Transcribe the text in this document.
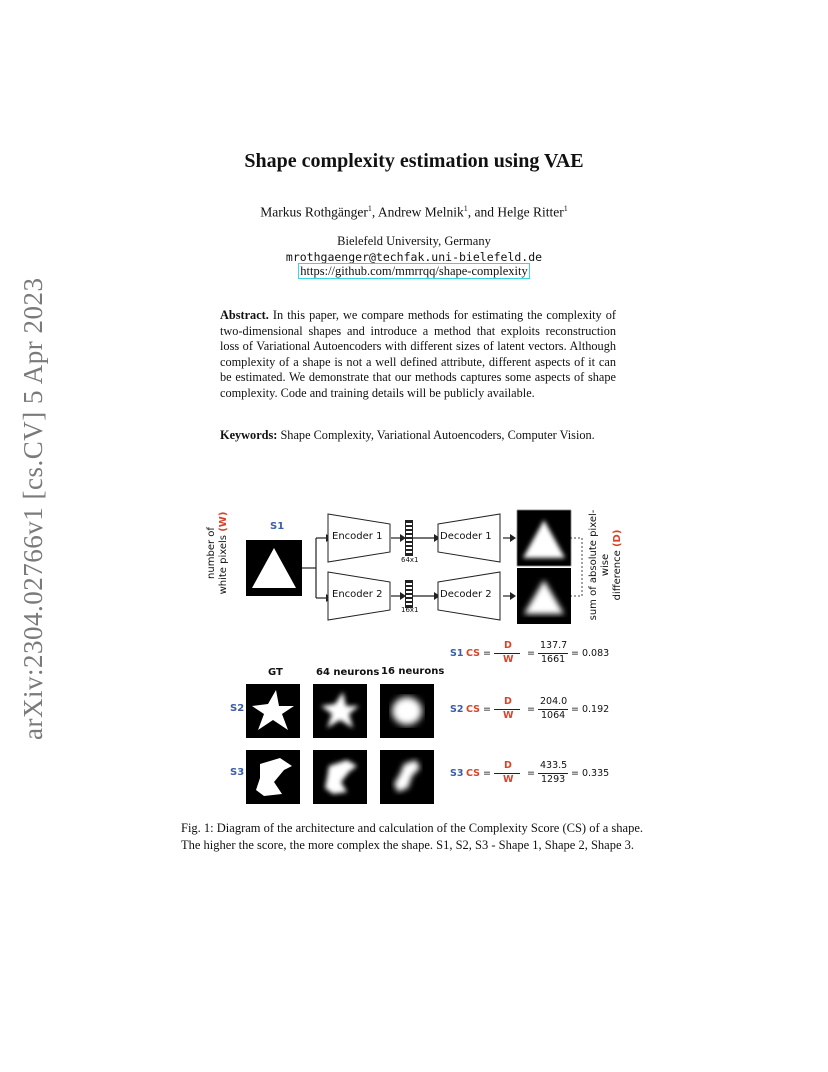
arXiv:2304.02766v1 [cs.CV] 5 Apr 2023
Shape complexity estimation using VAE
Markus Rothgänger$^1$, Andrew Melnik$^1$, and Helge Ritter$^1$
Bielefeld University, Germany
mrothgaenger@techfak.uni-bielefeld.de
https://github.com/mmrrqq/shape-complexity
Abstract. In this paper, we compare methods for estimating the complexity of two-dimensional shapes and introduce a method that exploits reconstruction loss of Variational Autoencoders with different sizes of latent vectors. Although complexity of a shape is not a well defined attribute, different aspects of it can be estimated. We demonstrate that our methods captures some aspects of shape complexity. Code and training details will be publicly available.
Keywords: Shape Complexity, Variational Autoencoders, Computer Vision.
number of white pixels (W)	S1
Encoder 1
Encoder 2
Decoder 1
Decoder 2
64x1
16x1	sum of absolute pixel-wise difference (D)
S1 CS =
D
W
=
137.7
1661
= 0.083
GT	64 neurons 16 neurons
S2	S2 CS =
D
W
=
204.0
1064
= 0.192
S3	S3 CS =
D
W
=
433.5
1293
= 0.335
Fig. 1: Diagram of the architecture and calculation of the Complexity Score (CS) of a shape. The higher the score, the more complex the shape. S1, S2, S3 - Shape 1, Shape 2, Shape 3.
